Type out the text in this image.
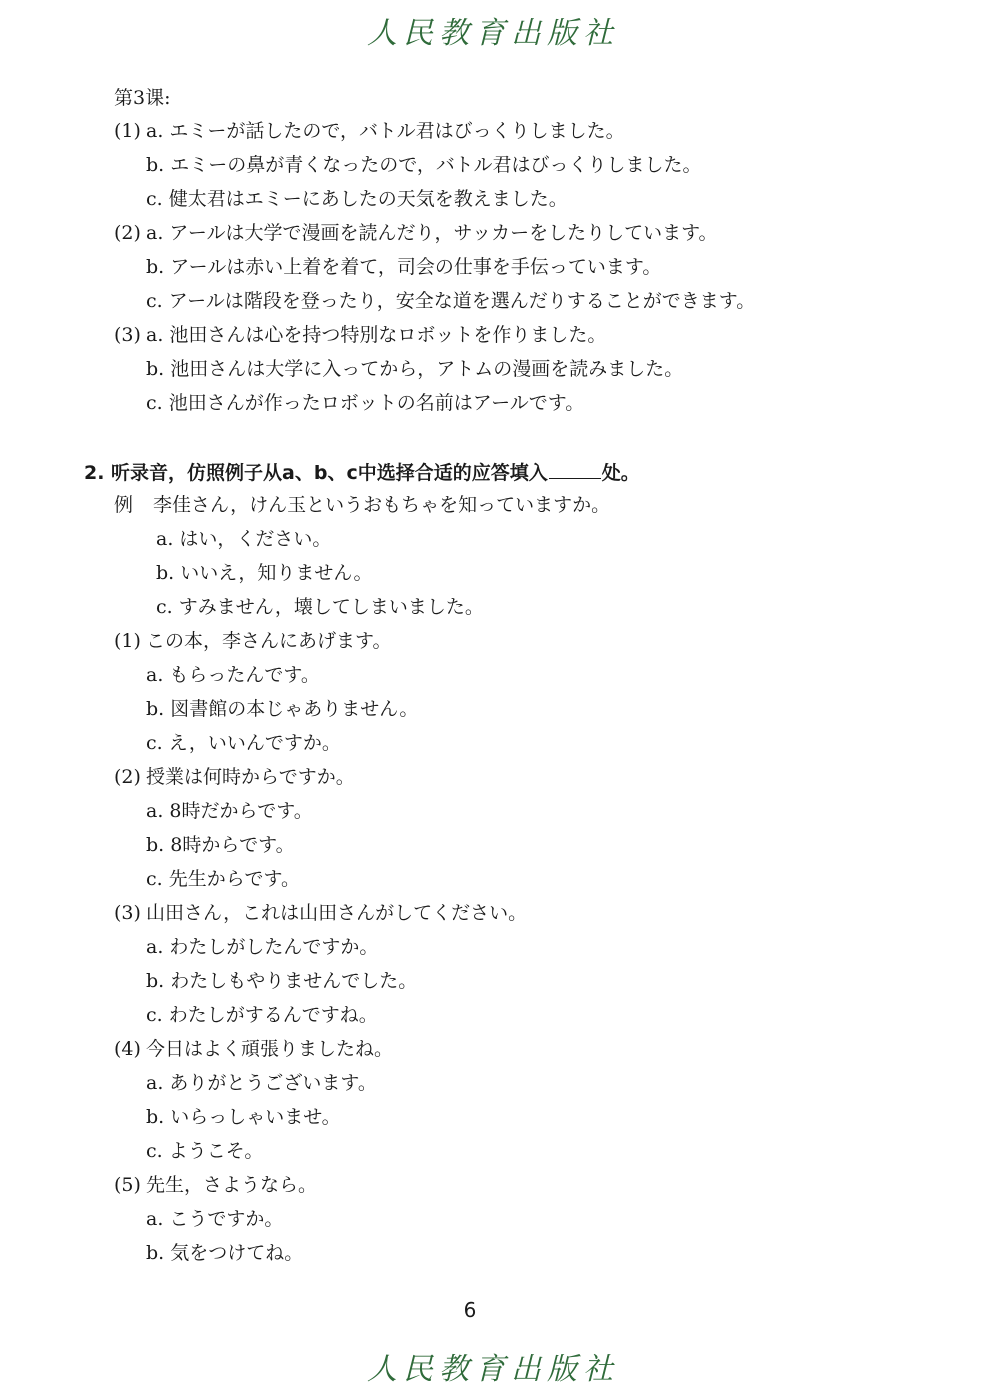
人民教育出版社
第3课:
(1) a. エミーが話したので，バトル君はびっくりしました。
b. エミーの鼻が青くなったので，バトル君はびっくりしました。
c. 健太君はエミーにあしたの天気を教えました。
(2) a. アールは大学で漫画を読んだり，サッカーをしたりしています。
b. アールは赤い上着を着て，司会の仕事を手伝っています。
c. アールは階段を登ったり，安全な道を選んだりすることができます。
(3) a. 池田さんは心を持つ特別なロボットを作りました。
b. 池田さんは大学に入ってから，アトムの漫画を読みました。
c. 池田さんが作ったロボットの名前はアールです。
2. 听录音，仿照例子从a、b、c中选择合适的应答填入	处。
例 李佳さん，けん玉というおもちゃを知っていますか。
a. はい，ください。
b. いいえ，知りません。
c. すみません，壊してしまいました。
(1) この本，李さんにあげます。
a. もらったんです。
b. 図書館の本じゃありません。
c. え，いいんですか。
(2) 授業は何時からですか。
a. 8時だからです。
b. 8時からです。
c. 先生からです。
(3) 山田さん，これは山田さんがしてください。
a. わたしがしたんですか。
b. わたしもやりませんでした。
c. わたしがするんですね。
(4) 今日はよく頑張りましたね。
a. ありがとうございます。
b. いらっしゃいませ。
c. ようこそ。
(5) 先生，さようなら。
a. こうですか。
b. 気をつけてね。
6
人民教育出版社
